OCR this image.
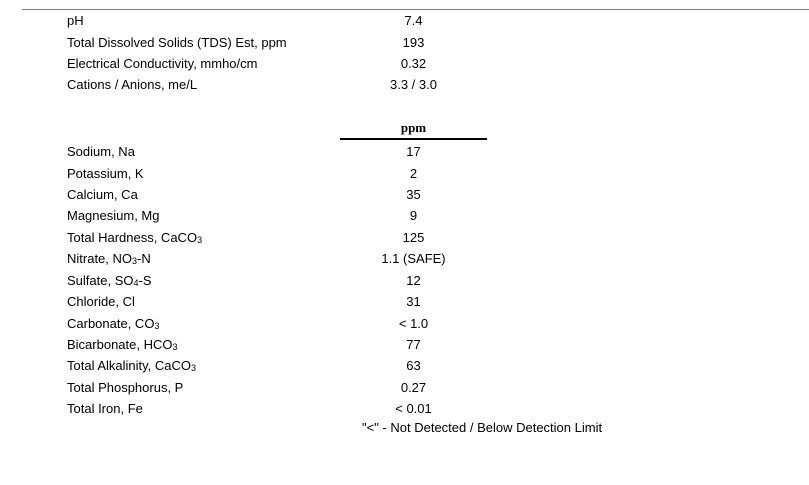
pH	7.4
Total Dissolved Solids (TDS) Est, ppm	193
Electrical Conductivity, mmho/cm	0.32
Cations / Anions, me/L	3.3 / 3.0
ppm
Sodium, Na	17
Potassium, K	2
Calcium, Ca	35
Magnesium, Mg	9
Total Hardness, CaCO$_3$	125
Nitrate, $NO_3-N$	1.1 (SAFE)
Sulfate, $SO_4-S$	12
Chloride, Cl	31
Carbonate, $CO_3$	< 1.0
Bicarbonate, $HCO_3$	77
Total Alkalinity, CaCO$_3$	63
Total Phosphorus, P	0.27
Total Iron, Fe	< 0.01
"<" - Not Detected / Below Detection Limit
